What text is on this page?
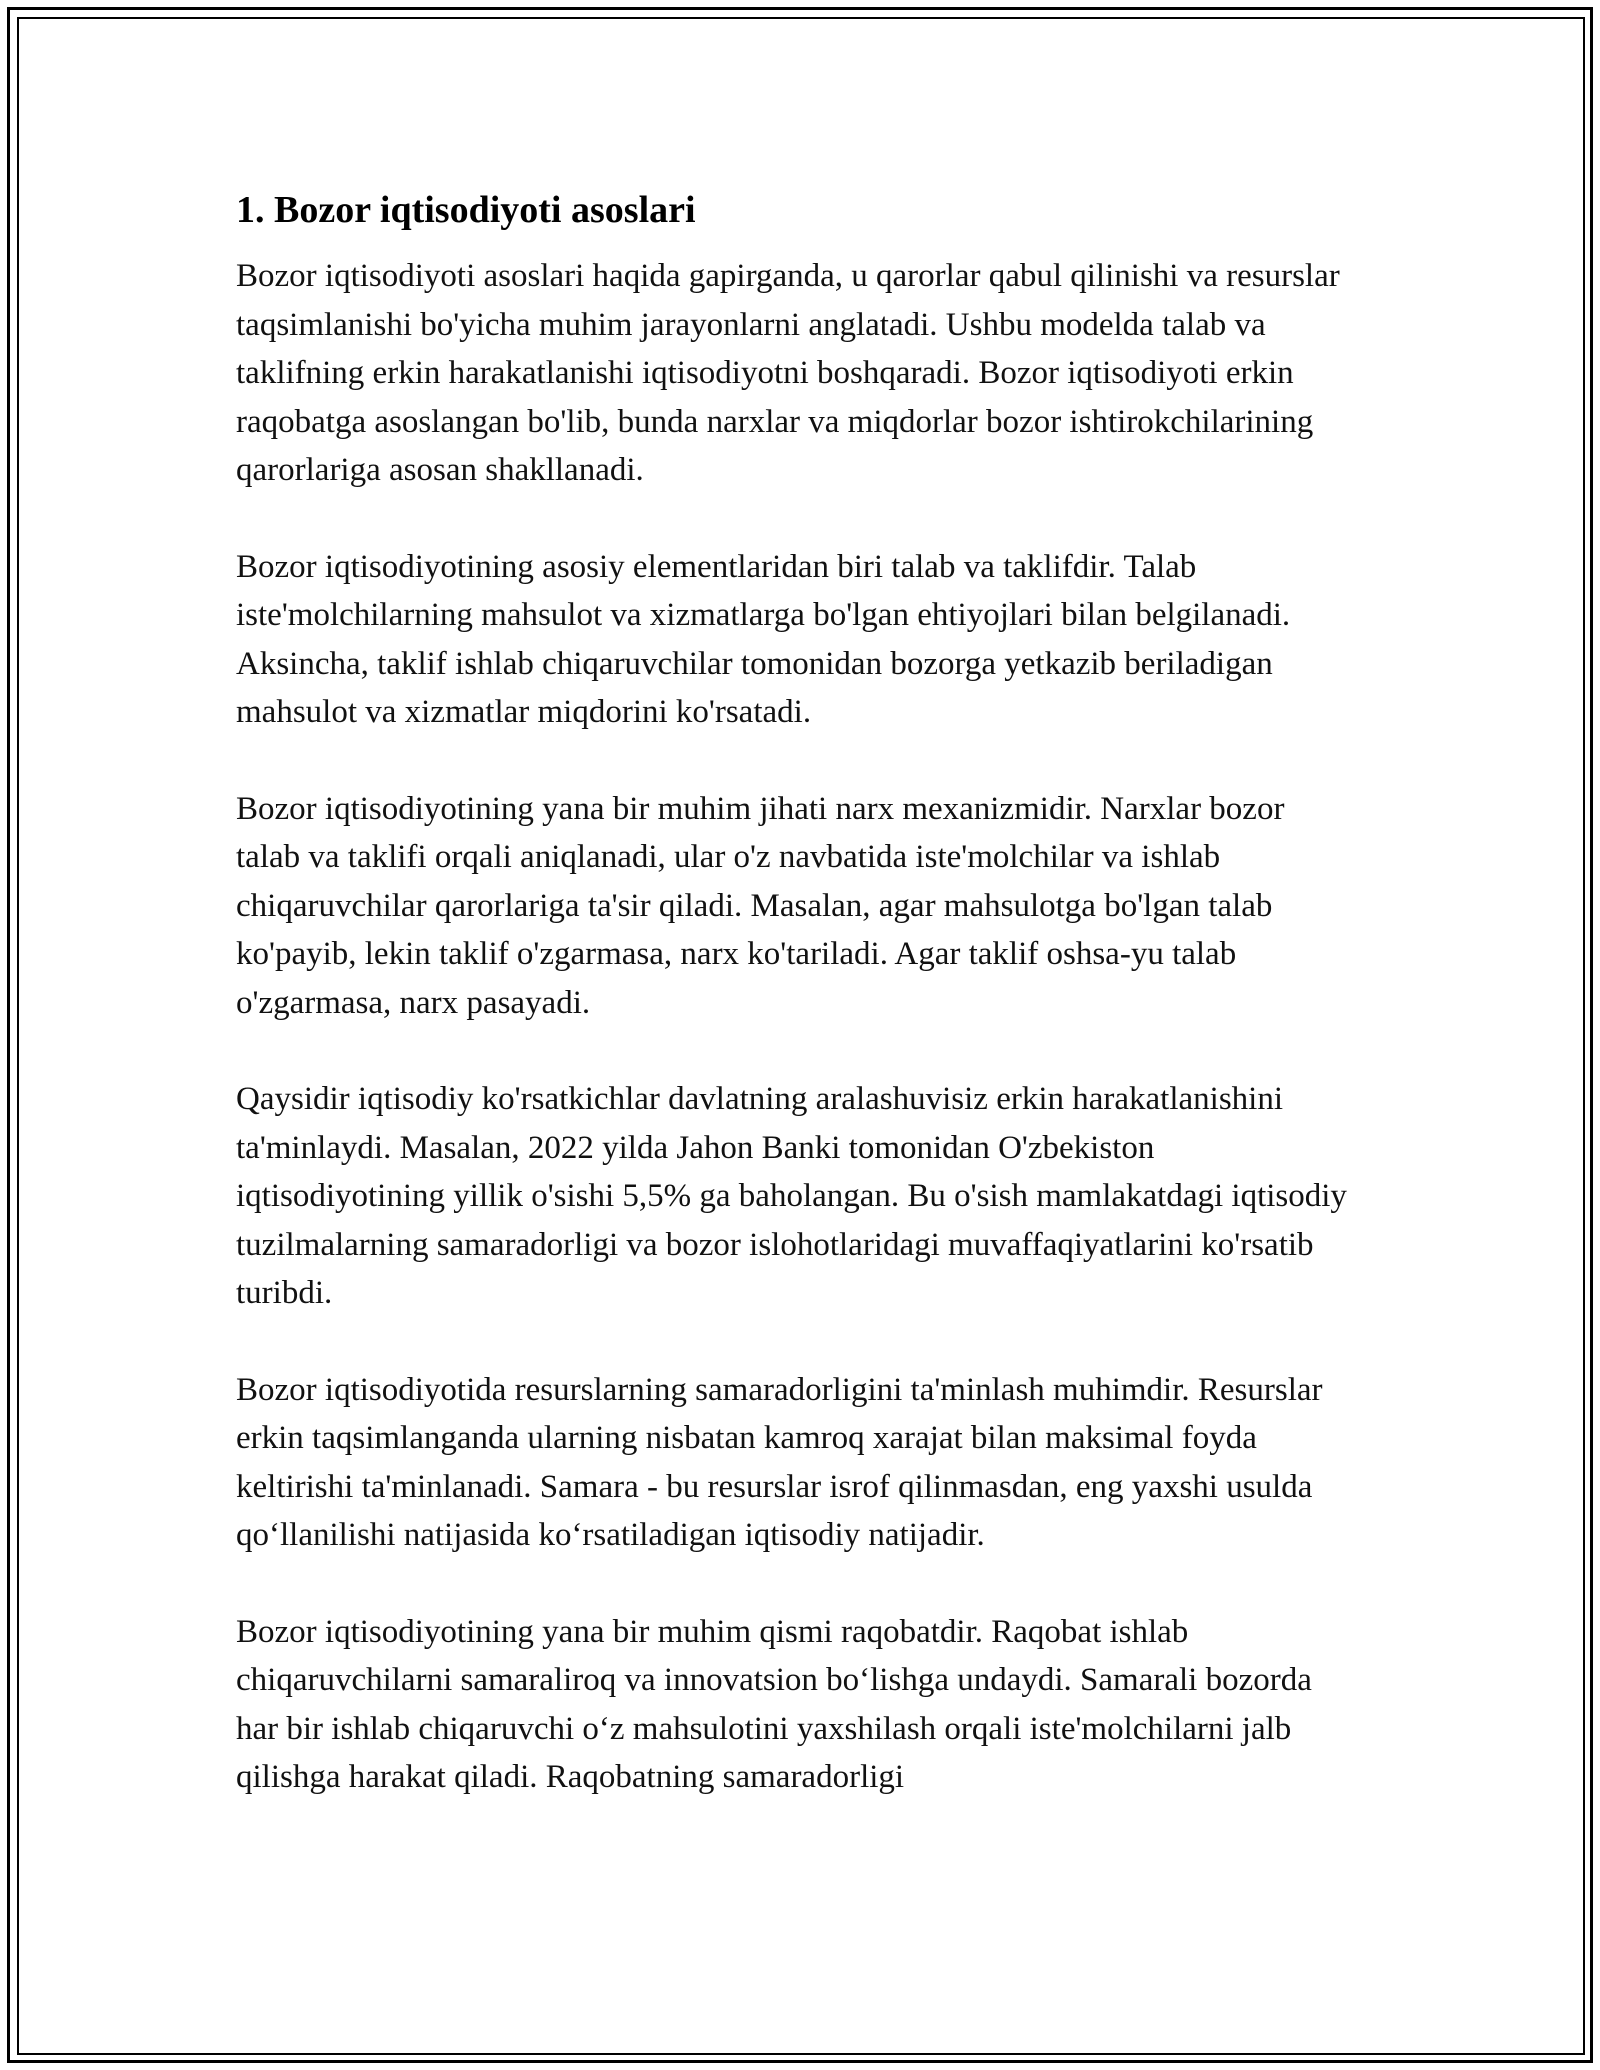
1. Bozor iqtisodiyoti asoslari

Bozor iqtisodiyoti asoslari haqida gapirganda, u qarorlar qabul qilinishi va resurslar taqsimlanishi bo'yicha muhim jarayonlarni anglatadi. Ushbu modelda talab va taklifning erkin harakatlanishi iqtisodiyotni boshqaradi. Bozor iqtisodiyoti erkin raqobatga asoslangan bo'lib, bunda narxlar va miqdorlar bozor ishtirokchilarining qarorlariga asosan shakllanadi.

Bozor iqtisodiyotining asosiy elementlaridan biri talab va taklifdir. Talab iste'molchilarning mahsulot va xizmatlarga bo'lgan ehtiyojlari bilan belgilanadi. Aksincha, taklif ishlab chiqaruvchilar tomonidan bozorga yetkazib beriladigan mahsulot va xizmatlar miqdorini ko'rsatadi.

Bozor iqtisodiyotining yana bir muhim jihati narx mexanizmidir. Narxlar bozor talab va taklifi orqali aniqlanadi, ular o'z navbatida iste'molchilar va ishlab chiqaruvchilar qarorlariga ta'sir qiladi. Masalan, agar mahsulotga bo'lgan talab ko'payib, lekin taklif o'zgarmasa, narx ko'tariladi. Agar taklif oshsa-yu talab o'zgarmasa, narx pasayadi.

Qaysidir iqtisodiy ko'rsatkichlar davlatning aralashuvisiz erkin harakatlanishini ta'minlaydi. Masalan, 2022 yilda Jahon Banki tomonidan O'zbekiston iqtisodiyotining yillik o'sishi 5,5% ga baholangan. Bu o'sish mamlakatdagi iqtisodiy tuzilmalarning samaradorligi va bozor islohotlaridagi muvaffaqiyatlarini ko'rsatib turibdi.

Bozor iqtisodiyotida resurslarning samaradorligini ta'minlash muhimdir. Resurslar erkin taqsimlanganda ularning nisbatan kamroq xarajat bilan maksimal foyda keltirishi ta'minlanadi. Samara - bu resurslar isrof qilinmasdan, eng yaxshi usulda qo‘llanilishi natijasida ko‘rsatiladigan iqtisodiy natijadir.

Bozor iqtisodiyotining yana bir muhim qismi raqobatdir. Raqobat ishlab chiqaruvchilarni samaraliroq va innovatsion bo‘lishga undaydi. Samarali bozorda har bir ishlab chiqaruvchi o‘z mahsulotini yaxshilash orqali iste'molchilarni jalb qilishga harakat qiladi. Raqobatning samaradorligi
